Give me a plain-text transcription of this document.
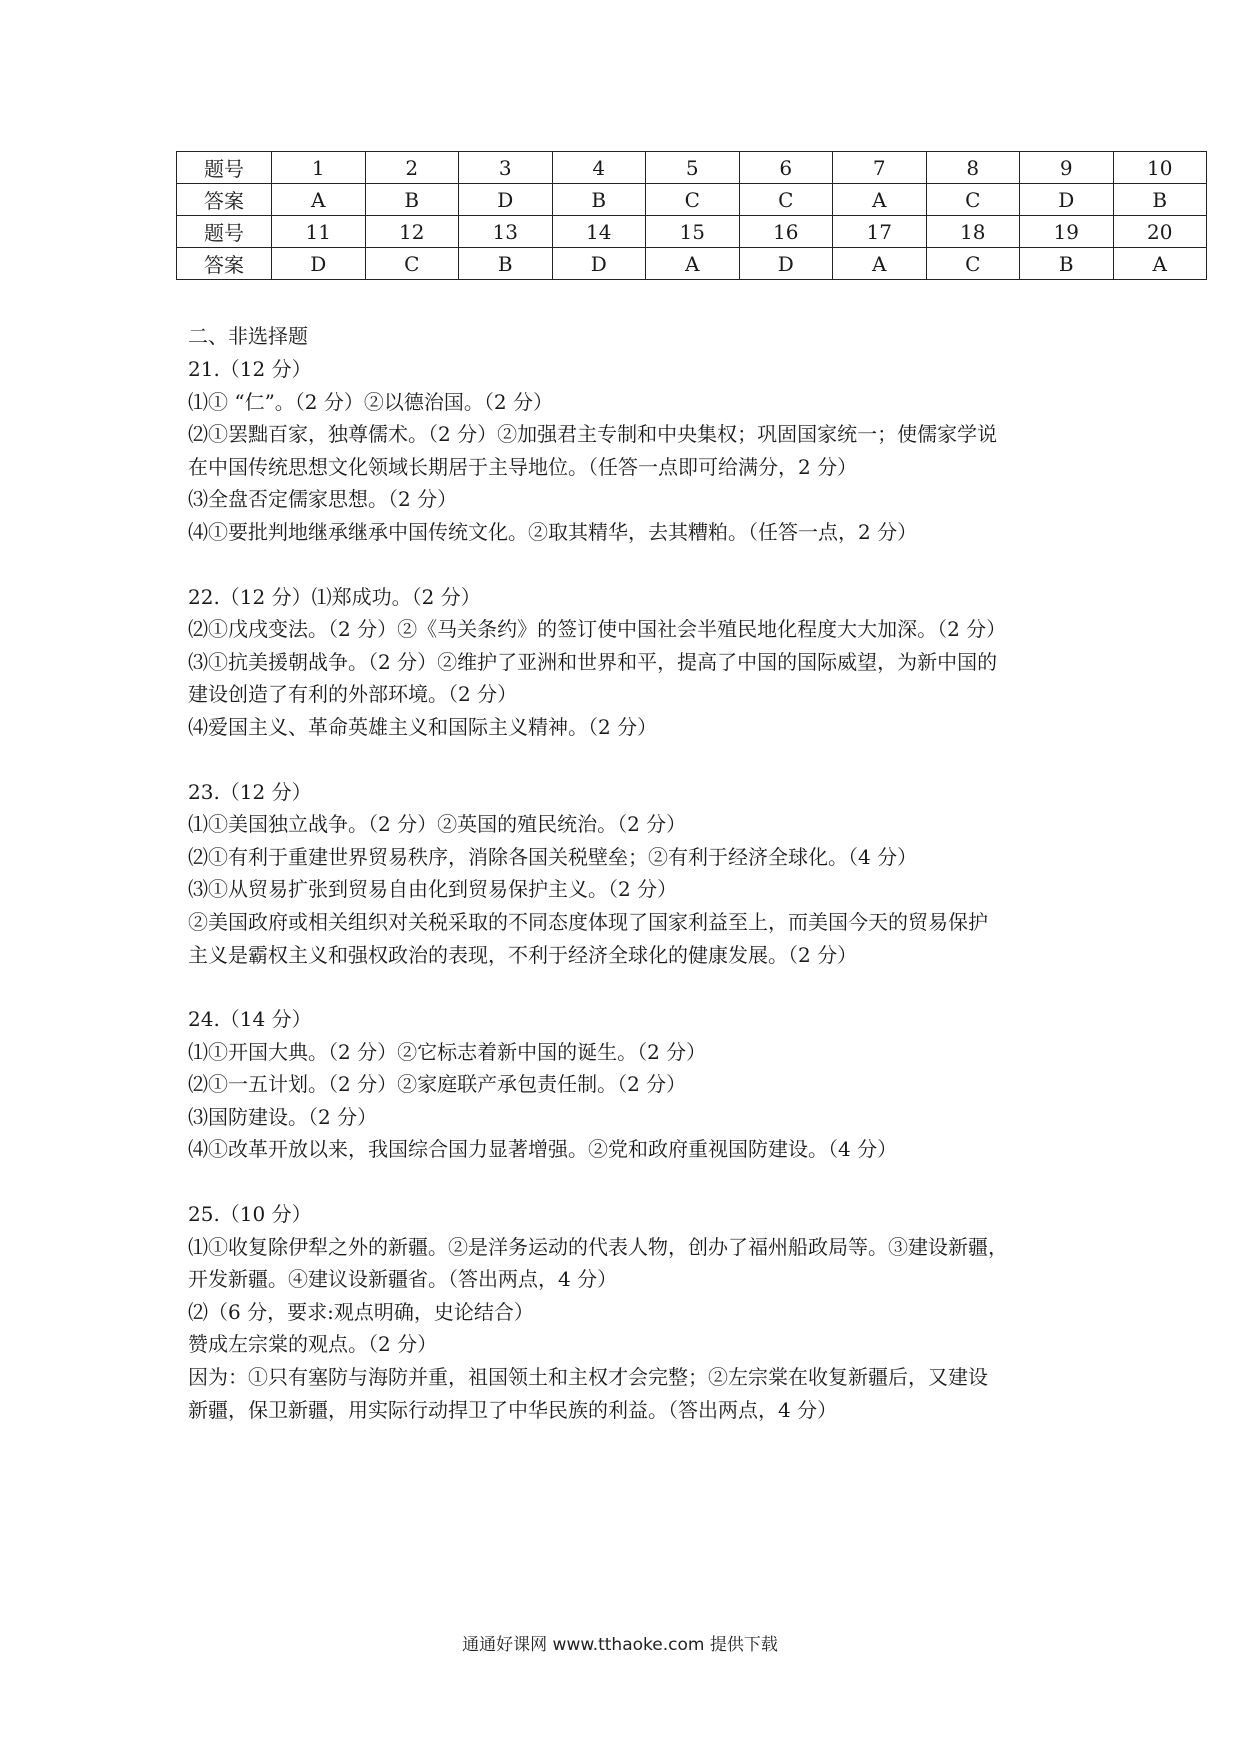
题号	1	2	3	4	5	6	7	8	9	10
答案	A	B	D	B	C	C	A	C	D	B
题号	11	12	13	14	15	16	17	18	19	20
答案	D	C	B	D	A	D	A	C	B	A

二、非选择题

21.（12 分）

⑴① “仁”。（2 分）②以德治国。（2 分）

⑵①罢黜百家，独尊儒术。（2 分）②加强君主专制和中央集权；巩固国家统一；使儒家学说

在中国传统思想文化领域长期居于主导地位。（任答一点即可给满分，2 分）

⑶全盘否定儒家思想。（2 分）

⑷①要批判地继承继承中国传统文化。②取其精华，去其糟粕。（任答一点，2 分）

22.（12 分）⑴郑成功。（2 分）

⑵①戊戌变法。（2 分）②《马关条约》的签订使中国社会半殖民地化程度大大加深。（2 分）

⑶①抗美援朝战争。（2 分）②维护了亚洲和世界和平，提高了中国的国际威望，为新中国的

建设创造了有利的外部环境。（2 分）

⑷爱国主义、革命英雄主义和国际主义精神。（2 分）

23.（12 分）

⑴①美国独立战争。（2 分）②英国的殖民统治。（2 分）

⑵①有利于重建世界贸易秩序，消除各国关税壁垒；②有利于经济全球化。（4 分）

⑶①从贸易扩张到贸易自由化到贸易保护主义。（2 分）

②美国政府或相关组织对关税采取的不同态度体现了国家利益至上，而美国今天的贸易保护

主义是霸权主义和强权政治的表现，不利于经济全球化的健康发展。（2 分）

24.（14 分）

⑴①开国大典。（2 分）②它标志着新中国的诞生。（2 分）

⑵①一五计划。（2 分）②家庭联产承包责任制。（2 分）

⑶国防建设。（2 分）

⑷①改革开放以来，我国综合国力显著增强。②党和政府重视国防建设。（4 分）

25.（10 分）

⑴①收复除伊犁之外的新疆。②是洋务运动的代表人物，创办了福州船政局等。③建设新疆，

开发新疆。④建议设新疆省。（答出两点，4 分）

⑵（6 分，要求:观点明确，史论结合）

赞成左宗棠的观点。（2 分）

因为：①只有塞防与海防并重，祖国领土和主权才会完整；②左宗棠在收复新疆后，又建设

新疆，保卫新疆，用实际行动捍卫了中华民族的利益。（答出两点，4 分）

通通好课网 www.tthaoke.com 提供下载
